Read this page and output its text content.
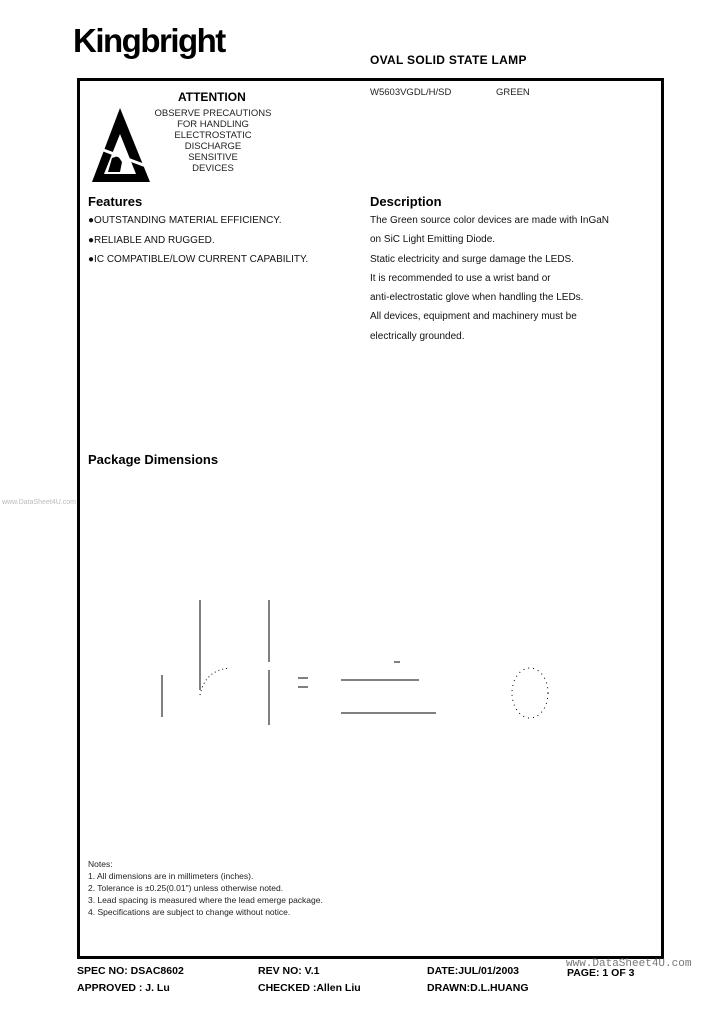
Kingbright
OVAL SOLID STATE LAMP
ATTENTION
OBSERVE PRECAUTIONS
FOR HANDLING
ELECTROSTATIC
DISCHARGE
SENSITIVE
DEVICES
W5603VGDL/H/SD	GREEN
Features
●OUTSTANDING MATERIAL EFFICIENCY.
●RELIABLE AND RUGGED.
●IC COMPATIBLE/LOW CURRENT CAPABILITY.
Description
The Green source color devices are made with InGaN
on SiC Light Emitting Diode.
Static electricity and surge damage the LEDS.
It is recommended to use a wrist band or
anti-electrostatic glove when handling the LEDs.
All devices, equipment and machinery must be
electrically grounded.
Package Dimensions
www.DataSheet4U.com
Notes:
1. All dimensions are in millimeters (inches).
2. Tolerance is ±0.25(0.01") unless otherwise noted.
3. Lead spacing is measured where the lead emerge package.
4. Specifications are subject to change without notice.
SPEC NO: DSAC8602	REV NO: V.1	DATE:JUL/01/2003	PAGE: 1 OF 3
www.DataSheet4U.com
APPROVED : J. Lu	CHECKED :Allen Liu	DRAWN:D.L.HUANG
